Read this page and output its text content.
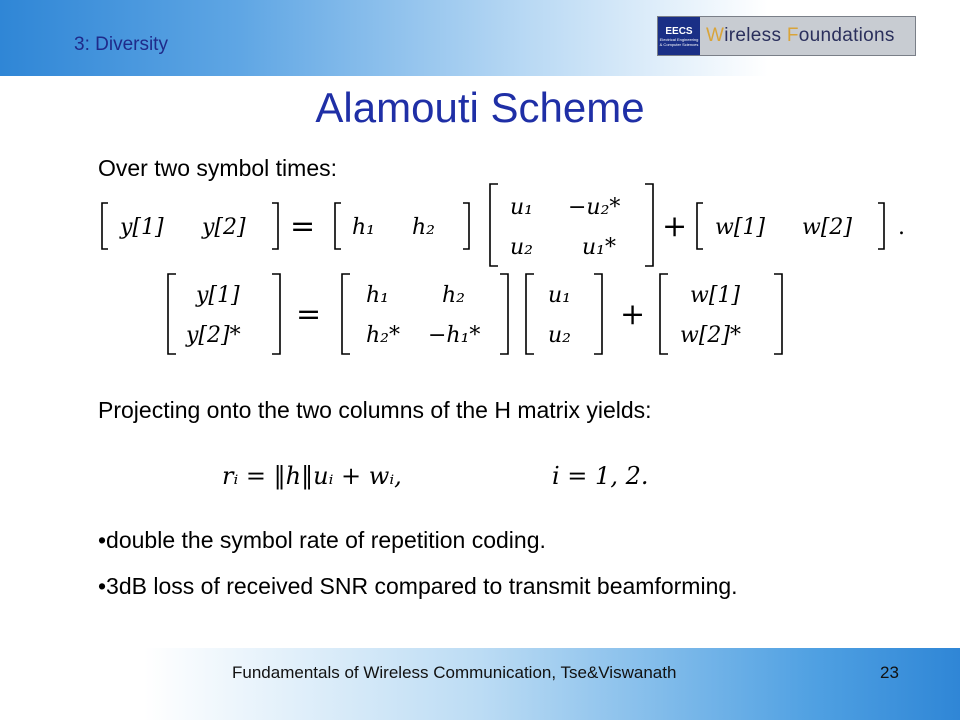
3: Diversity
EECS
Electrical Engineering & Computer Sciences Wireless Foundations
Alamouti Scheme
Over two symbol times:
y[1] y[2]	h₁ h₂
u₁ −u₂*
u₂ u₁*
w[1] w[2]
=	+	.
y[1]
y[2]*
h₁ h₂
h₂* −h₁*
u₁
u₂
w[1]
w[2]*
=	+
Projecting onto the two columns of the H matrix yields:
rᵢ = ‖h‖uᵢ + wᵢ,	i = 1, 2.
•double the symbol rate of repetition coding.
•3dB loss of received SNR compared to transmit beamforming.
Fundamentals of Wireless Communication, Tse&Viswanath	23
